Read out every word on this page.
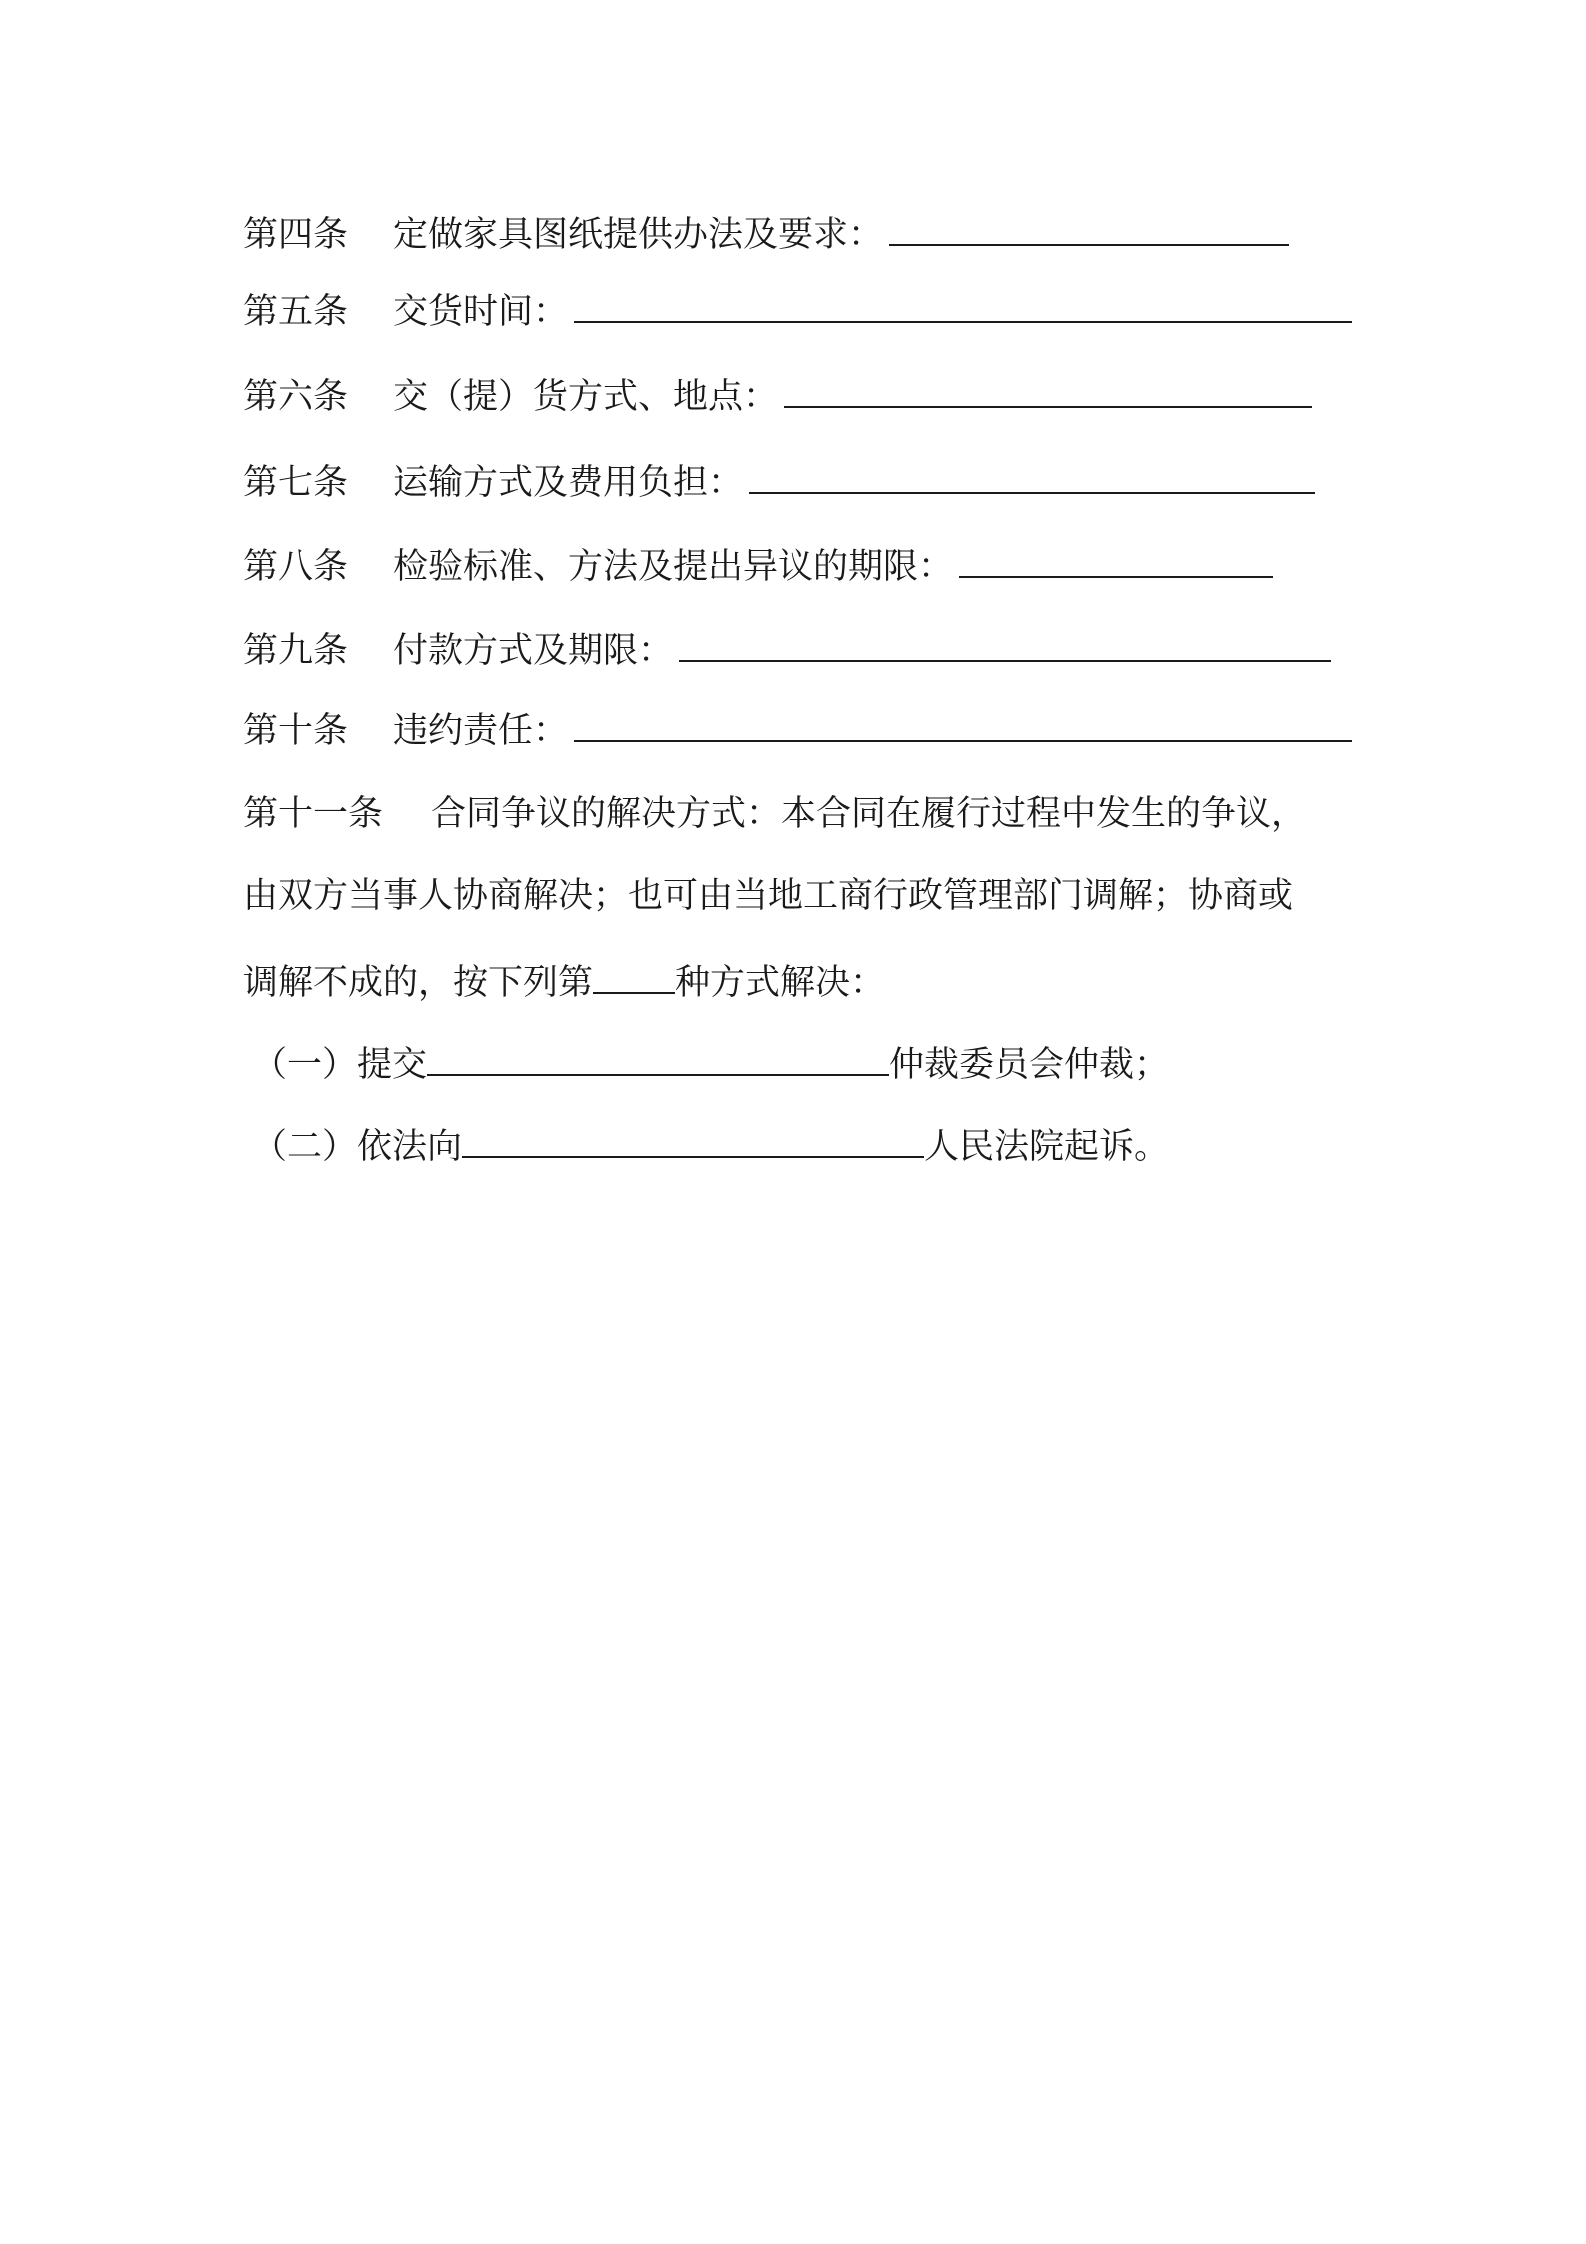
第四条 定做家具图纸提供办法及要求：
第五条 交货时间：
第六条 交（提）货方式、地点：
第七条 运输方式及费用负担：
第八条 检验标准、方法及提出异议的期限：
第九条 付款方式及期限：
第十条 违约责任：
第十一条 合同争议的解决方式：本合同在履行过程中发生的争议，
由双方当事人协商解决；也可由当地工商行政管理部门调解；协商或
调解不成的，按下列第 种方式解决：
（一）提交	仲裁委员会仲裁；
（二）依法向	人民法院起诉。
